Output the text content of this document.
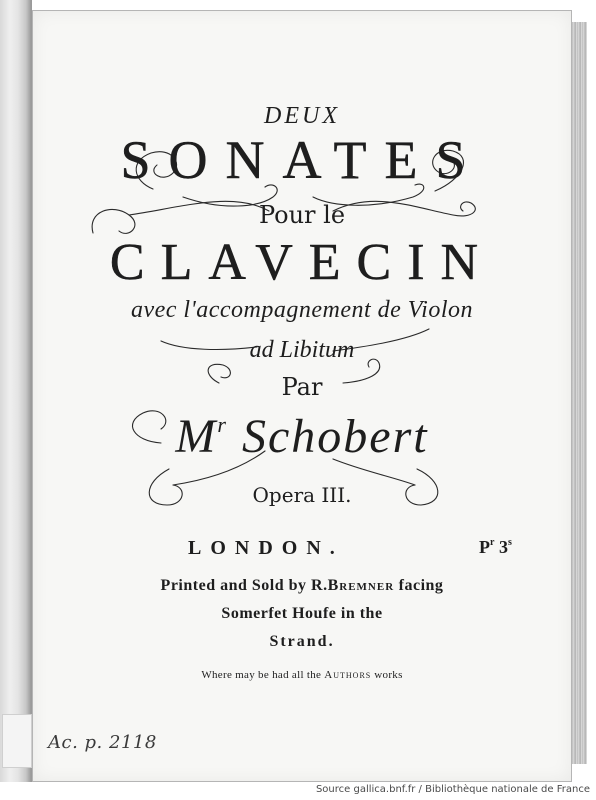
DEUX
SONATES
Pour le
CLAVECIN
avec l'accompagnement de Violon
ad Libitum
Par
$M^r$ Schobert
Opera III.
LONDON.	$P^r$ 3$^s$
Printed and Sold by R.Bremner facing
Somerfet Houfe in the
Strand.
Where may be had all the Authors works
Ac. p. 2118
Source gallica.bnf.fr / Bibliothèque nationale de France
